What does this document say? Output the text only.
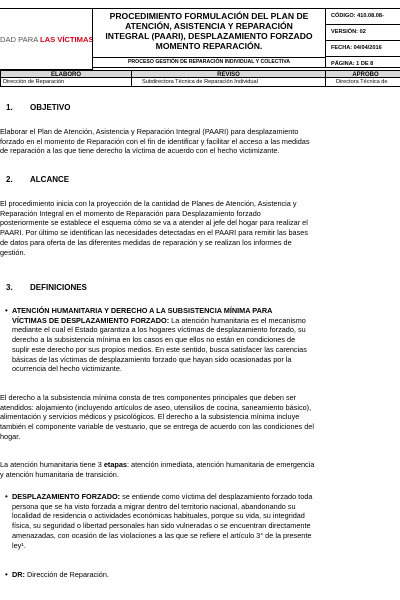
DAD PARA LAS VÍCTIMAS
PROCEDIMIENTO FORMULACIÓN DEL PLAN DE
ATENCIÓN, ASISTENCIA Y REPARACIÓN
INTEGRAL (PAARI), DESPLAZAMIENTO FORZADO
MOMENTO REPARACIÓN.
PROCESO GESTIÓN DE REPARACIÓN INDIVIDUAL Y COLECTIVA
CÓDIGO: 410.08.08-
VERSIÓN: 02
FECHA: 04/04/2016
PÁGINA: 1 DE 8
ELABORÓ	REVISÓ	APROBÓ
Dirección de Reparación	Subdirectora Técnica de Reparación Individual	Directora Técnica de
1. OBJETIVO

Elaborar el Plan de Atención, Asistencia y Reparación Integral (PAARI) para desplazamiento

forzado en el momento de Reparación con el fin de identificar y facilitar el acceso a las medidas

de reparación a las que tiene derecho la víctima de acuerdo con el hecho victimizante.

2. ALCANCE

El procedimiento inicia con la proyección de la cantidad de Planes de Atención, Asistencia y

Reparación Integral en el momento de Reparación para Desplazamiento forzado

posteriormente se establece el esquema cómo se va a atender al jefe del hogar para realizar el

PAARI. Por último se identifican las necesidades detectadas en el PAARI para remitir las bases

de datos para oferta de las diferentes medidas de reparación y se realizan los informes de

gestión.

3. DEFINICIONES
• ATENCIÓN HUMANITARIA Y DERECHO A LA SUBSISTENCIA MÍNIMA PARA

VÍCTIMAS DE DESPLAZAMIENTO FORZADO: La atención humanitaria es el mecanismo

mediante el cual el Estado garantiza a los hogares víctimas de desplazamiento forzado, su

derecho a la subsistencia mínima en los casos en que ellos no están en condiciones de

suplir este derecho por sus propios medios. En este sentido, busca satisfacer las carencias

básicas de las víctimas de desplazamiento forzado que hayan sido ocasionadas por la

ocurrencia del hecho victimizante.

El derecho a la subsistencia mínima consta de tres componentes principales que deben ser

atendidos: alojamiento (incluyendo artículos de aseo, utensilios de cocina, saneamiento básico),

alimentación y servicios médicos y psicológicos. El derecho a la subsistencia mínima incluye

también el componente variable de vestuario, que se entrega de acuerdo con las condiciones del

hogar.

La atención humanitaria tiene 3 etapas: atención inmediata, atención humanitaria de emergencia

y atención humanitaria de transición.

• DESPLAZAMIENTO FORZADO: se entiende como víctima del desplazamiento forzado toda

persona que se ha visto forzada a migrar dentro del territorio nacional, abandonando su

localidad de residencia o actividades económicas habituales, porque su vida, su integridad

física, su seguridad o libertad personales han sido vulneradas o se encuentran directamente

amenazadas, con ocasión de las violaciones a las que se refiere el artículo 3° de la presente

ley¹.

• DR: Dirección de Reparación.
